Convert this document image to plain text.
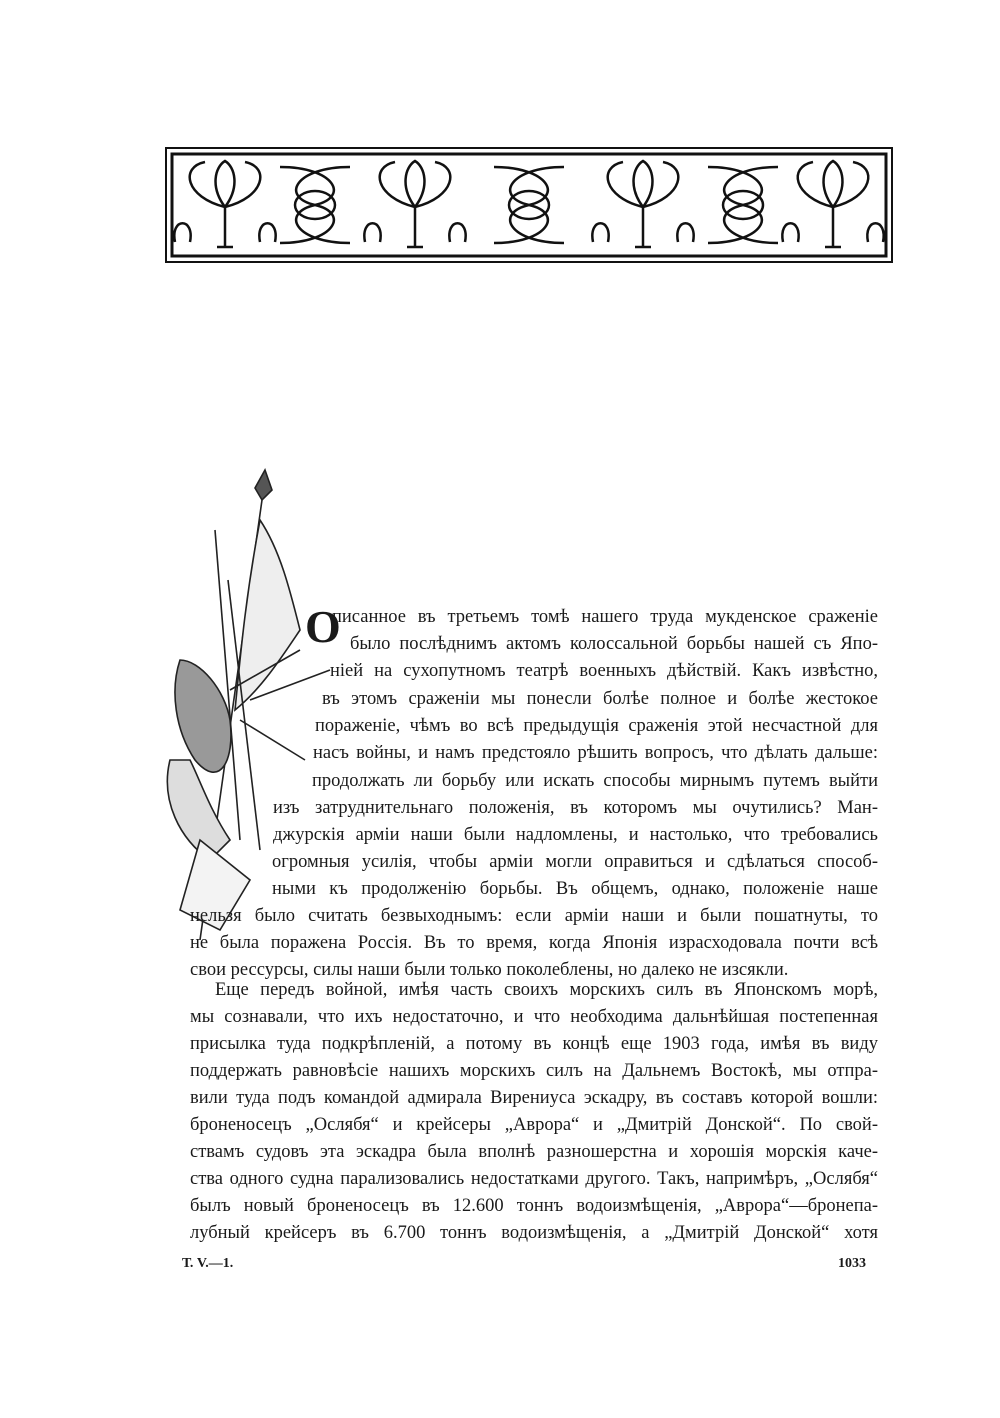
О
писанное въ третьемъ томѣ нашего труда мукденское сраженіе
было послѣднимъ актомъ колоссальной борьбы нашей съ Япо-
ніей на сухопутномъ театрѣ военныхъ дѣйствій. Какъ извѣстно,
въ этомъ сраженіи мы понесли болѣе полное и болѣе жестокое
пораженіе, чѣмъ во всѣ предыдущія сраженія этой несчастной для
насъ войны, и намъ предстояло рѣшить вопросъ, что дѣлать дальше:
продолжать ли борьбу или искать способы мирнымъ путемъ выйти
изъ затруднительнаго положенія, въ которомъ мы очутились? Ман-
джурскія арміи наши были надломлены, и настолько, что требовались
огромныя усилія, чтобы арміи могли оправиться и сдѣлаться способ-
ными къ продолженію борьбы. Въ общемъ, однако, положеніе наше
нельзя было считать безвыходнымъ: если арміи наши и были пошатнуты, то
не была поражена Россія. Въ то время, когда Японія израсходовала почти всѣ
свои рессурсы, силы наши были только поколеблены, но далеко не изсякли.
Еще передъ войной, имѣя часть своихъ морскихъ силъ въ Японскомъ морѣ,
мы сознавали, что ихъ недостаточно, и что необходима дальнѣйшая постепенная
присылка туда подкрѣпленій, а потому въ концѣ еще 1903 года, имѣя въ виду
поддержать равновѣсіе нашихъ морскихъ силъ на Дальнемъ Востокѣ, мы отпра-
вили туда подъ командой адмирала Вирениуса эскадру, въ составъ которой вошли:
броненосецъ „Ослябя“ и крейсеры „Аврора“ и „Дмитрій Донской“. По свой-
ствамъ судовъ эта эскадра была вполнѣ разношерстна и хорошія морскія каче-
ства одного судна парализовались недостатками другого. Такъ, напримѣръ, „Ослябя“
былъ новый броненосецъ въ 12.600 тоннъ водоизмѣщенія, „Аврора“—бронепа-
лубный крейсеръ въ 6.700 тоннъ водоизмѣщенія, а „Дмитрій Донской“ хотя
Т. V.—1.	1033
